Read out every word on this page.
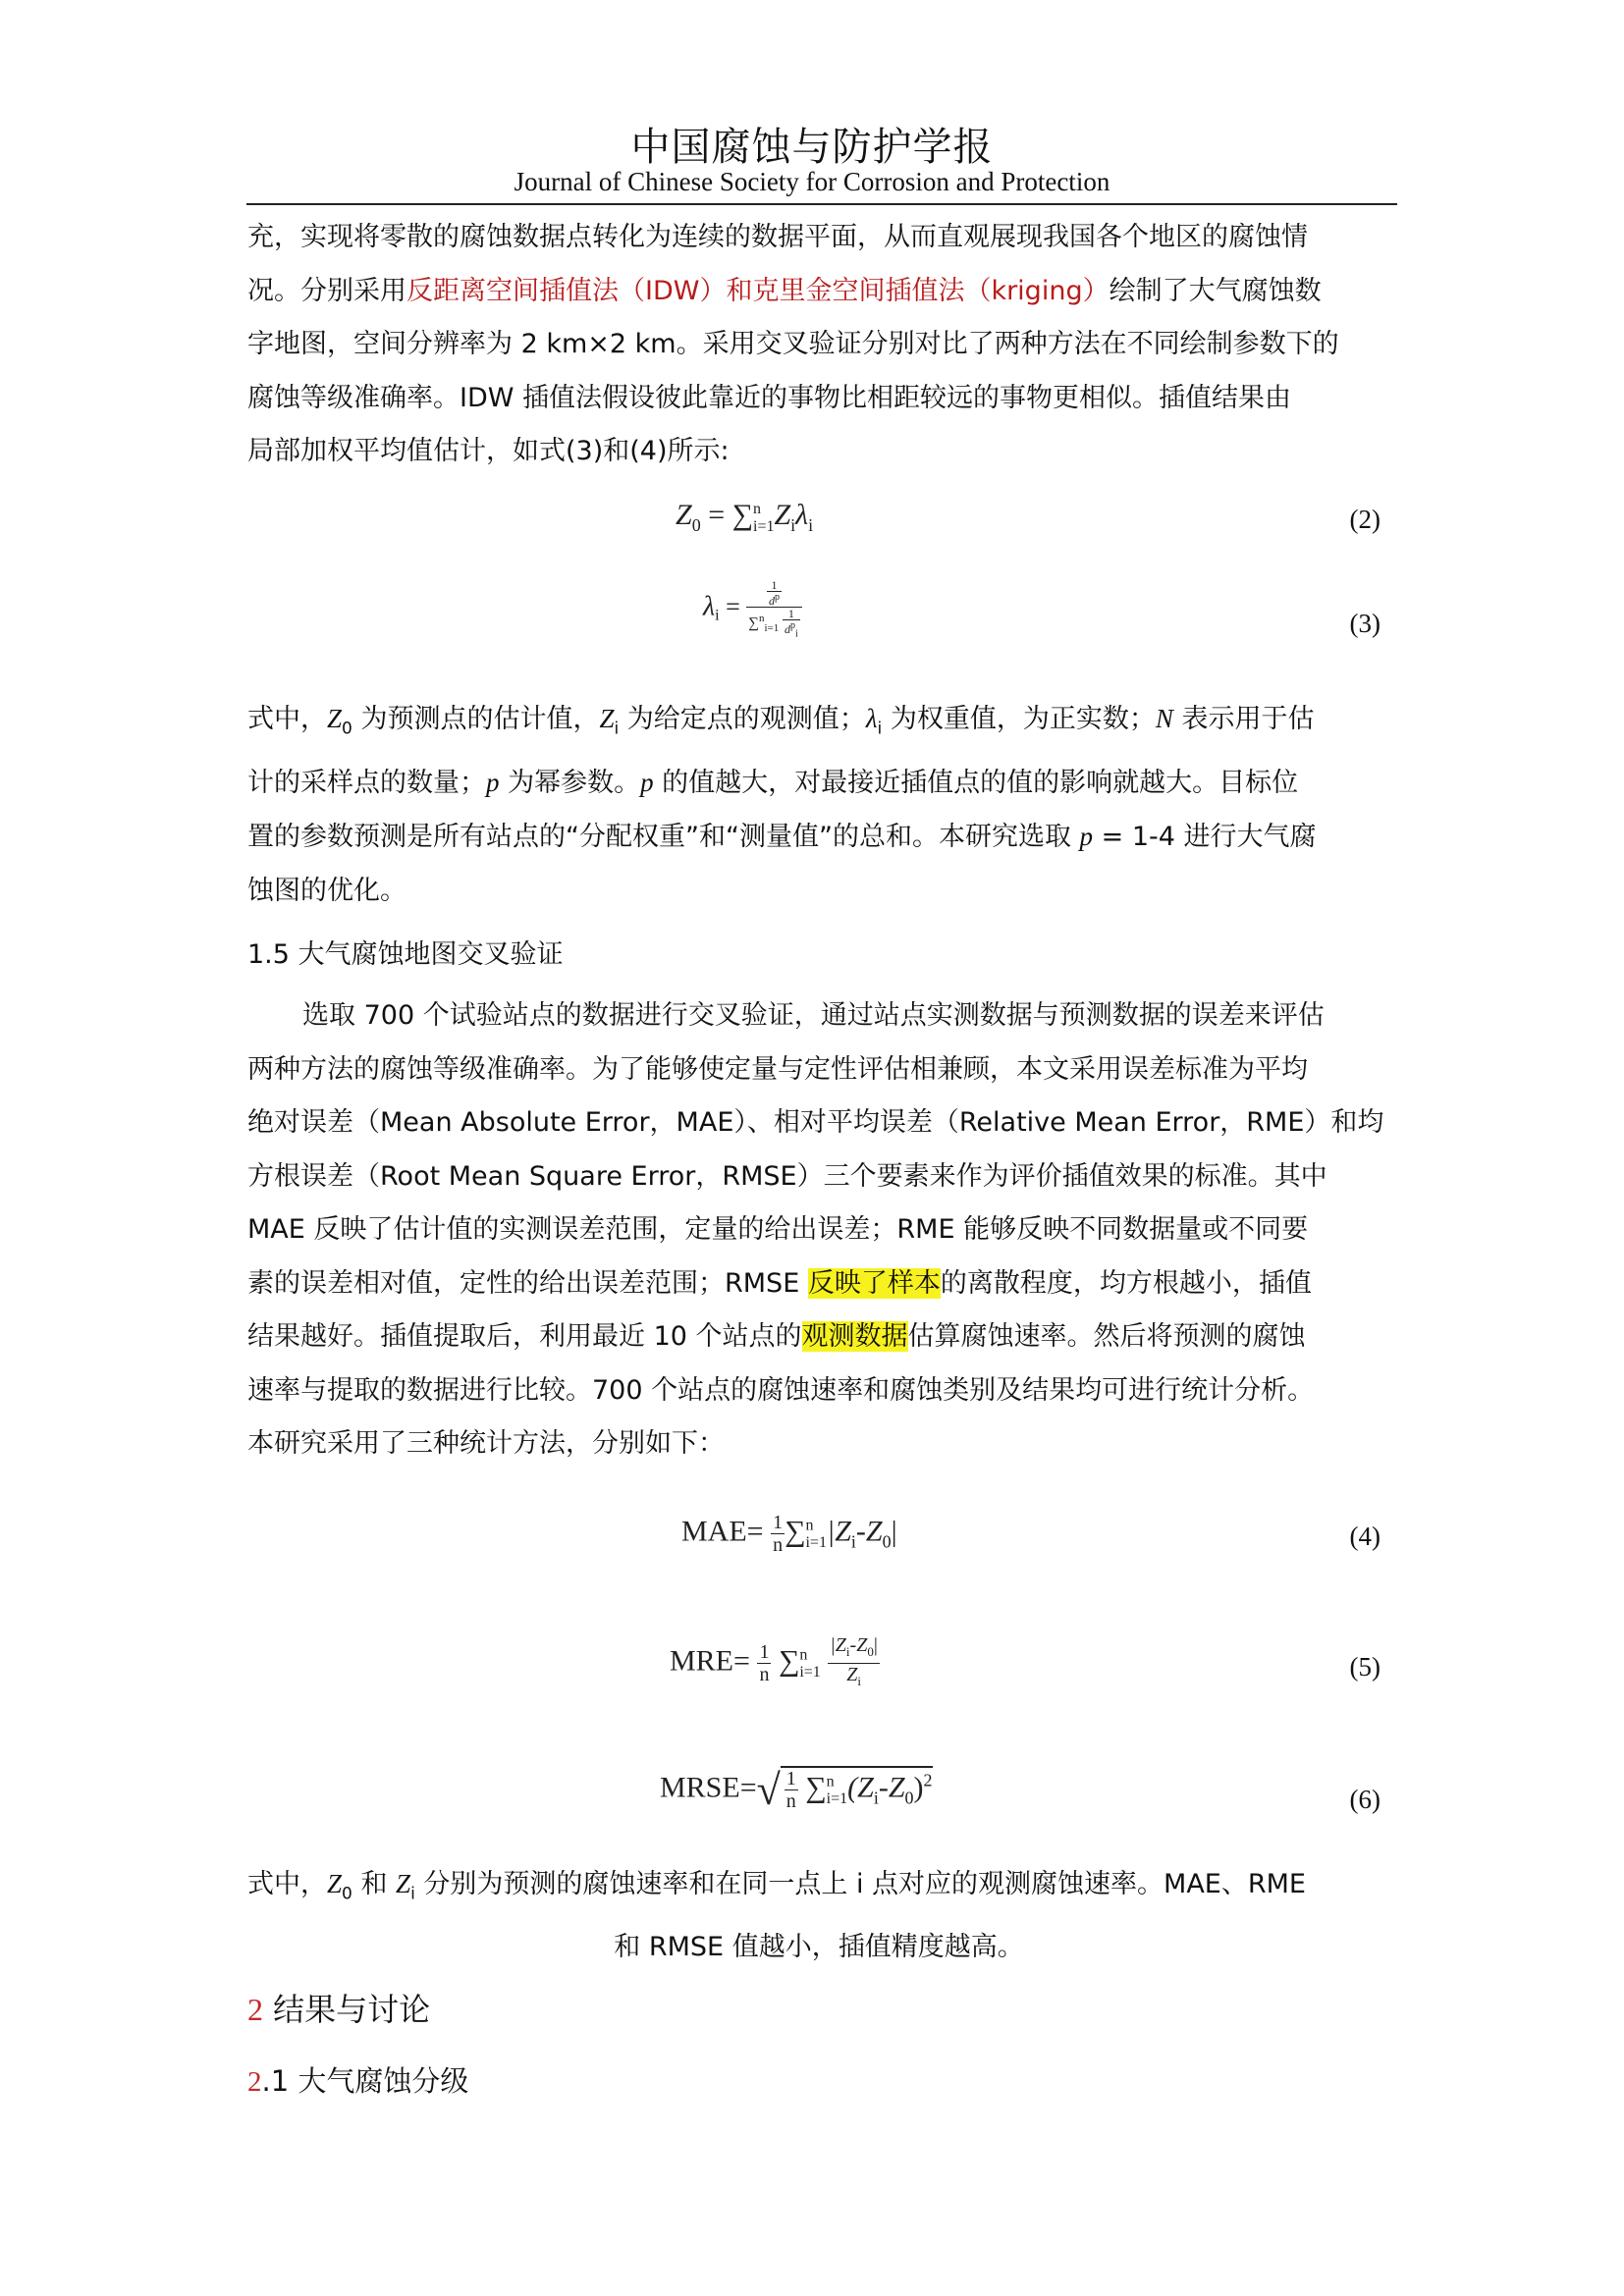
中国腐蚀与防护学报
Journal of Chinese Society for Corrosion and Protection
充，实现将零散的腐蚀数据点转化为连续的数据平面，从而直观展现我国各个地区的腐蚀情
况。分别采用反距离空间插值法（IDW）和克里金空间插值法（kriging）绘制了大气腐蚀数
字地图，空间分辨率为 2 km×2 km。采用交叉验证分别对比了两种方法在不同绘制参数下的
腐蚀等级准确率。IDW 插值法假设彼此靠近的事物比相距较远的事物更相似。插值结果由
局部加权平均值估计，如式(3)和(4)所示:
$Z_0 = \sum^n_{i=1}Z_i\lambda_i$	(2)
$\lambda_i = \frac{\frac{1}{d^p}}{\sum^n_{i=1} \frac{1}{d^p_i}}$	(3)
式中，$Z_0$ 为预测点的估计值，$Z_i$ 为给定点的观测值；$\lambda_i$ 为权重值，为正实数；N 表示用于估
计的采样点的数量；p 为幂参数。p 的值越大，对最接近插值点的值的影响就越大。目标位
置的参数预测是所有站点的“分配权重”和“测量值”的总和。本研究选取 p = 1-4 进行大气腐
蚀图的优化。
1.5 大气腐蚀地图交叉验证
选取 700 个试验站点的数据进行交叉验证，通过站点实测数据与预测数据的误差来评估
两种方法的腐蚀等级准确率。为了能够使定量与定性评估相兼顾，本文采用误差标准为平均
绝对误差（Mean Absolute Error，MAE）、相对平均误差（Relative Mean Error，RME）和均
方根误差（Root Mean Square Error，RMSE）三个要素来作为评价插值效果的标准。其中
MAE 反映了估计值的实测误差范围，定量的给出误差；RME 能够反映不同数据量或不同要
素的误差相对值，定性的给出误差范围；RMSE 反映了样本的离散程度，均方根越小，插值
结果越好。插值提取后，利用最近 10 个站点的观测数据估算腐蚀速率。然后将预测的腐蚀
速率与提取的数据进行比较。700 个站点的腐蚀速率和腐蚀类别及结果均可进行统计分析。
本研究采用了三种统计方法，分别如下：
$MAE= \frac{1}{n} \sum^n_{i=1}|Z_i-Z_0|$	(4)
$MRE= \frac{1}{n} \sum^n_{i=1} \frac{|Z_i-Z_0|}{Z_i}$	(5)
MRSE=√ $\frac{1}{n} \sum^n_{i=1}(Z_i-Z_0)^2$
(6)
式中，$Z_0$ 和 $Z_i$ 分别为预测的腐蚀速率和在同一点上 i 点对应的观测腐蚀速率。MAE、RME
和 RMSE 值越小，插值精度越高。
2 结果与讨论
2.1 大气腐蚀分级
